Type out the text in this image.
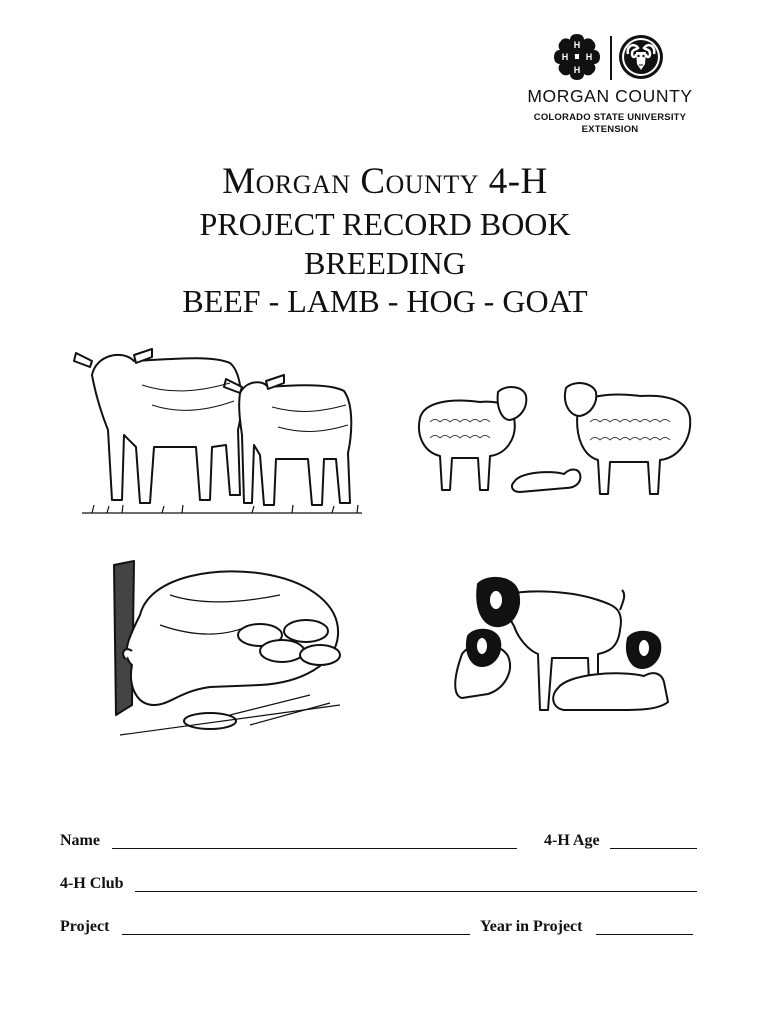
H
H H
H
MORGAN COUNTY
COLORADO STATE UNIVERSITY
EXTENSION
Morgan County 4-H
PROJECT RECORD BOOK
BREEDING
BEEF - LAMB - HOG - GOAT
Name	4-H Age
4-H Club
Project	Year in Project
